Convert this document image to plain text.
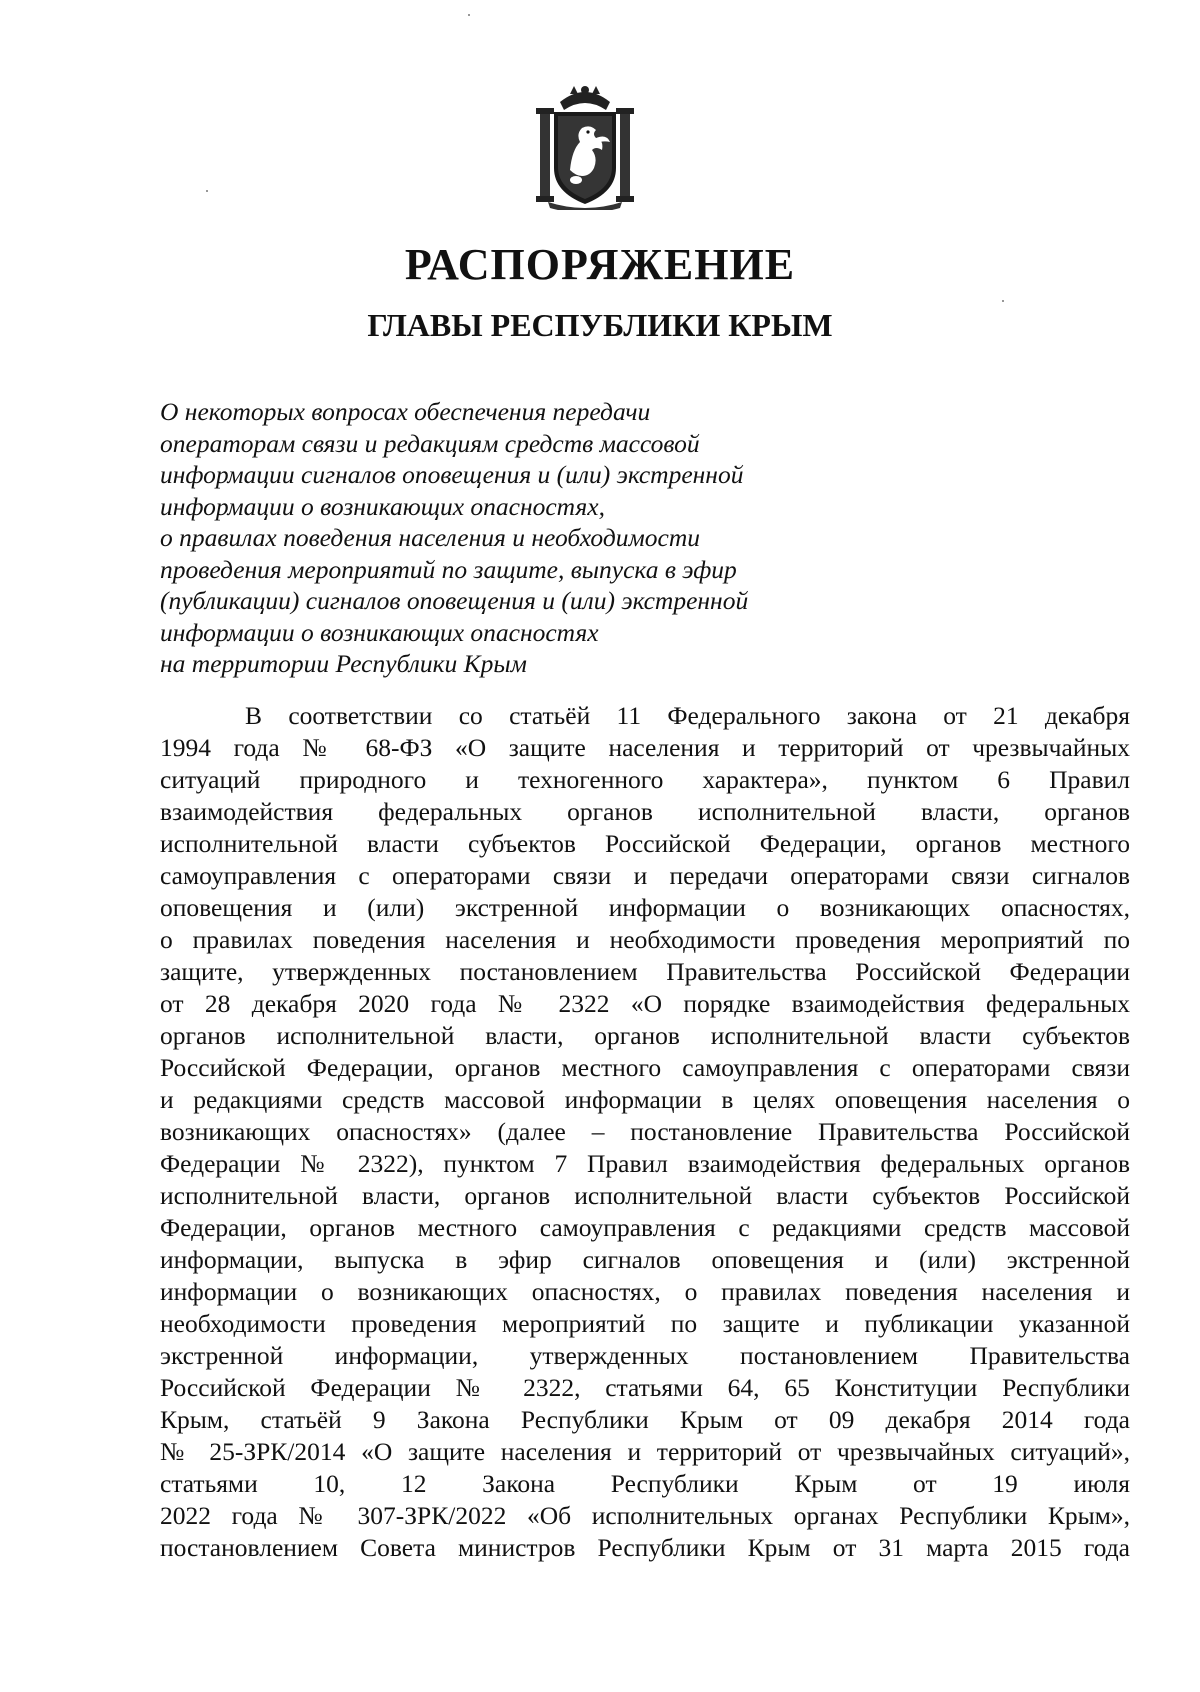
РАСПОРЯЖЕНИЕ
ГЛАВЫ РЕСПУБЛИКИ КРЫМ
О некоторых вопросах обеспечения передачи
операторам связи и редакциям средств массовой
информации сигналов оповещения и (или) экстренной
информации о возникающих опасностях,
о правилах поведения населения и необходимости
проведения мероприятий по защите, выпуска в эфир
(публикации) сигналов оповещения и (или) экстренной
информации о возникающих опасностях
на территории Республики Крым
В соответствии со статьёй 11 Федерального закона от 21 декабря
1994 года № 68-ФЗ «О защите населения и территорий от чрезвычайных
ситуаций природного и техногенного характера», пунктом 6 Правил
взаимодействия федеральных органов исполнительной власти, органов
исполнительной власти субъектов Российской Федерации, органов местного
самоуправления с операторами связи и передачи операторами связи сигналов
оповещения и (или) экстренной информации о возникающих опасностях,
о правилах поведения населения и необходимости проведения мероприятий по
защите, утвержденных постановлением Правительства Российской Федерации
от 28 декабря 2020 года № 2322 «О порядке взаимодействия федеральных
органов исполнительной власти, органов исполнительной власти субъектов
Российской Федерации, органов местного самоуправления с операторами связи
и редакциями средств массовой информации в целях оповещения населения о
возникающих опасностях» (далее – постановление Правительства Российской
Федерации № 2322), пунктом 7 Правил взаимодействия федеральных органов
исполнительной власти, органов исполнительной власти субъектов Российской
Федерации, органов местного самоуправления с редакциями средств массовой
информации, выпуска в эфир сигналов оповещения и (или) экстренной
информации о возникающих опасностях, о правилах поведения населения и
необходимости проведения мероприятий по защите и публикации указанной
экстренной информации, утвержденных постановлением Правительства
Российской Федерации № 2322, статьями 64, 65 Конституции Республики
Крым, статьёй 9 Закона Республики Крым от 09 декабря 2014 года
№ 25-ЗРК/2014 «О защите населения и территорий от чрезвычайных ситуаций»,
статьями 10, 12 Закона Республики Крым от 19 июля
2022 года № 307-ЗРК/2022 «Об исполнительных органах Республики Крым»,
постановлением Совета министров Республики Крым от 31 марта 2015 года
